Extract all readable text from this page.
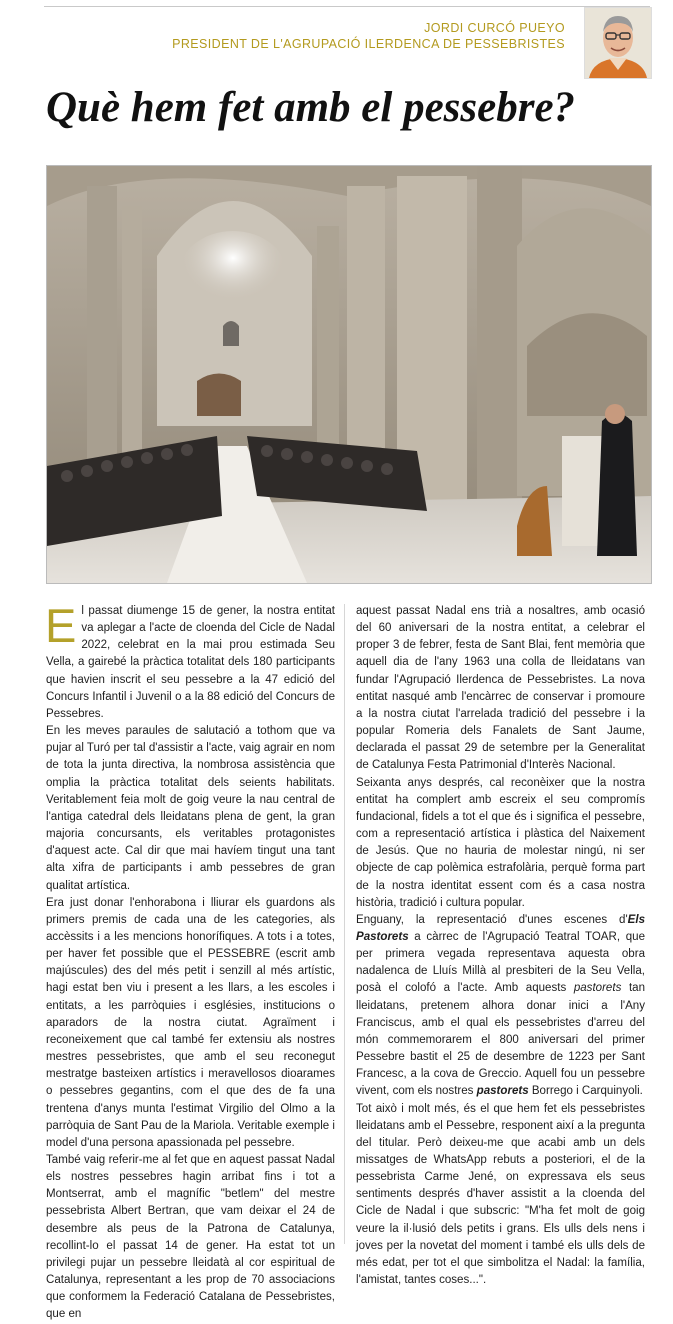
JORDI CURCÓ PUEYO
PRESIDENT DE L'AGRUPACIÓ ILERDENCA DE PESSEBRISTES
Què hem fet amb el pessebre?

El passat diumenge 15 de gener, la nostra entitat va aplegar a l'acte de cloenda del Cicle de Nadal 2022, celebrat en la mai prou estimada Seu Vella, a gairebé la pràctica totalitat dels 180 participants que havien inscrit el seu pessebre a la 47 edició del Concurs Infantil i Juvenil o a la 88 edició del Concurs de Pessebres.

En les meves paraules de salutació a tothom que va pujar al Turó per tal d'assistir a l'acte, vaig agrair en nom de tota la junta directiva, la nombrosa assistència que omplia la pràctica totalitat dels seients habilitats. Veritablement feia molt de goig veure la nau central de l'antiga catedral dels lleidatans plena de gent, la gran majoria concursants, els veritables protagonistes d'aquest acte. Cal dir que mai havíem tingut una tant alta xifra de participants i amb pessebres de gran qualitat artística.

Era just donar l'enhorabona i lliurar els guardons als primers premis de cada una de les categories, als accèssits i a les mencions honorífiques. A tots i a totes, per haver fet possible que el PESSEBRE (escrit amb majúscules) des del més petit i senzill al més artístic, hagi estat ben viu i present a les llars, a les escoles i entitats, a les parròquies i esglésies, institucions o aparadors de la nostra ciutat. Agraïment i reconeixement que cal també fer extensiu als nostres mestres pessebristes, que amb el seu reconegut mestratge basteixen artístics i meravellosos dioarames o pessebres gegantins, com el que des de fa una trentena d'anys munta l'estimat Virgilio del Olmo a la parròquia de Sant Pau de la Mariola. Veritable exemple i model d'una persona apassionada pel pessebre.

També vaig referir-me al fet que en aquest passat Nadal els nostres pessebres hagin arribat fins i tot a Montserrat, amb el magnífic "betlem" del mestre pessebrista Albert Bertran, que vam deixar el 24 de desembre als peus de la Patrona de Catalunya, recollint-lo el passat 14 de gener. Ha estat tot un privilegi pujar un pessebre lleidatà al cor espiritual de Catalunya, representant a les prop de 70 associacions que conformem la Federació Catalana de Pessebristes, que en

aquest passat Nadal ens trià a nosaltres, amb ocasió del 60 aniversari de la nostra entitat, a celebrar el proper 3 de febrer, festa de Sant Blai, fent memòria que aquell dia de l'any 1963 una colla de lleidatans van fundar l'Agrupació Ilerdenca de Pessebristes. La nova entitat nasqué amb l'encàrrec de conservar i promoure a la nostra ciutat l'arrelada tradició del pessebre i la popular Romeria dels Fanalets de Sant Jaume, declarada el passat 29 de setembre per la Generalitat de Catalunya Festa Patrimonial d'Interès Nacional.

Seixanta anys després, cal reconèixer que la nostra entitat ha complert amb escreix el seu compromís fundacional, fidels a tot el que és i significa el pessebre, com a representació artística i plàstica del Naixement de Jesús. Que no hauria de molestar ningú, ni ser objecte de cap polèmica estrafolària, perquè forma part de la nostra identitat essent com és a casa nostra història, tradició i cultura popular.

Enguany, la representació d'unes escenes d'Els Pastorets a càrrec de l'Agrupació Teatral TOAR, que per primera vegada representava aquesta obra nadalenca de Lluís Millà al presbiteri de la Seu Vella, posà el colofó a l'acte. Amb aquests pastorets tan lleidatans, pretenem alhora donar inici a l'Any Franciscus, amb el qual els pessebristes d'arreu del món commemorarem el 800 aniversari del primer Pessebre bastit el 25 de desembre de 1223 per Sant Francesc, a la cova de Greccio. Aquell fou un pessebre vivent, com els nostres pastorets Borrego i Carquinyoli.

Tot això i molt més, és el que hem fet els pessebristes lleidatans amb el Pessebre, responent així a la pregunta del titular. Però deixeu-me que acabi amb un dels missatges de WhatsApp rebuts a posteriori, el de la pessebrista Carme Jené, on expressava els seus sentiments després d'haver assistit a la cloenda del Cicle de Nadal i que subscric: "M'ha fet molt de goig veure la il·lusió dels petits i grans. Els ulls dels nens i joves per la novetat del moment i també els ulls dels de més edat, per tot el que simbolitza el Nadal: la família, l'amistat, tantes coses...".
